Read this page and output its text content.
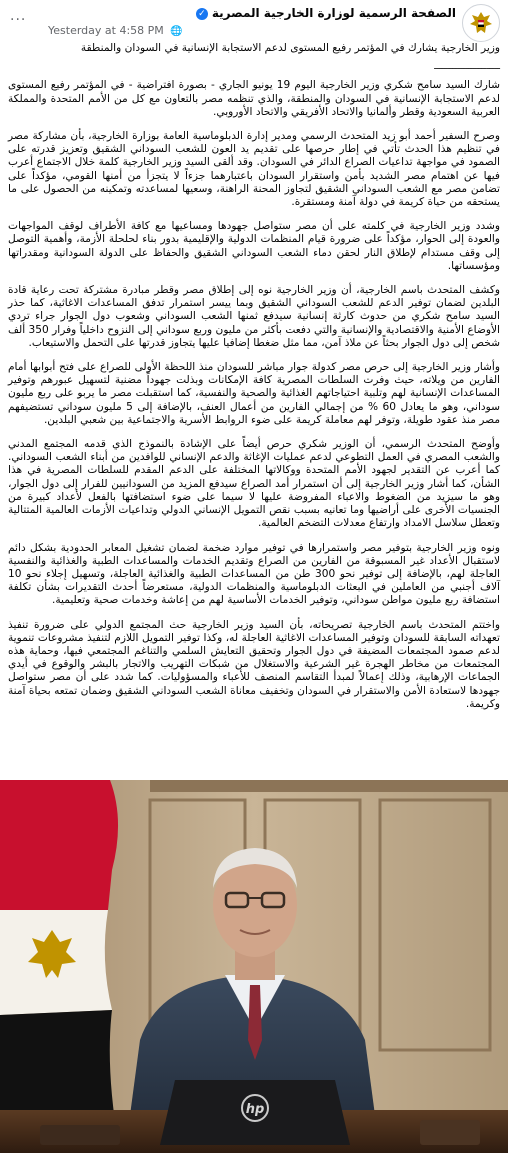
الصفحة الرسمية لوزارة الخارجية المصرية✓
Yesterday at 4:58 PM 🌐
···

وزير الخارجية يشارك في المؤتمر رفيع المستوى لدعم الاستجابة الإنسانية في السودان والمنطقة

ـــــــــــــــــــــــــ

شارك السيد سامح شكري وزير الخارجية اليوم 19 يونيو الجاري - بصورة افتراضية - في المؤتمر رفيع المستوى لدعم الاستجابة الإنسانية في السودان والمنطقة، والذي تنظمه مصر بالتعاون مع كل من الأمم المتحدة والمملكة العربية السعودية وقطر وألمانيا والاتحاد الأفريقي والاتحاد الأوروبي.

وصرح السفير أحمد أبو زيد المتحدث الرسمي ومدير إدارة الدبلوماسية العامة بوزارة الخارجية، بأن مشاركة مصر في تنظيم هذا الحدث تأتي في إطار حرصها على تقديم يد العون للشعب السوداني الشقيق وتعزيز قدرته على الصمود في مواجهة تداعيات الصراع الدائر في السودان. وقد ألقى السيد وزير الخارجية كلمة خلال الاجتماع أعرب فيها عن اهتمام مصر الشديد بأمن واستقرار السودان باعتبارهما جزءاً لا يتجزأ من أمنها القومي، مؤكداً على تضامن مصر مع الشعب السوداني الشقيق لتجاوز المحنة الراهنة، وسعيها لمساعدته وتمكينه من الحصول على ما يستحقه من حياة كريمة في دولة آمنة ومستقرة.

وشدد وزير الخارجية في كلمته على أن مصر ستواصل جهودها ومساعيها مع كافة الأطراف لوقف المواجهات والعودة إلى الحوار، مؤكداً على ضرورة قيام المنظمات الدولية والإقليمية بدور بناء لحلحلة الأزمة، وأهمية التوصل إلى وقف مستدام لإطلاق النار لحقن دماء الشعب السوداني الشقيق والحفاظ على الدولة السودانية ومقدراتها ومؤسساتها.

وكشف المتحدث باسم الخارجية، أن وزير الخارجية نوه إلى إطلاق مصر وقطر مبادرة مشتركة تحت رعاية قادة البلدين لضمان توفير الدعم للشعب السوداني الشقيق وبما ييسر استمرار تدفق المساعدات الاغاثية، كما حذر السيد سامح شكري من حدوث كارثة إنسانية سيدفع ثمنها الشعب السوداني وشعوب دول الجوار جراء تردي الأوضاع الأمنية والاقتصادية والإنسانية والتي دفعت بأكثر من مليون وربع سوداني إلى النزوح داخلياً وفرار 350 ألف شخص إلى دول الجوار بحثاً عن ملاذ آمن، مما مثل ضغطا إضافيا عليها يتجاوز قدرتها على التحمل والاستيعاب.

وأشار وزير الخارجية إلى حرص مصر كدولة جوار مباشر للسودان منذ اللحظة الأولى للصراع على فتح أبوابها أمام الفارين من ويلاته، حيث وفرت السلطات المصرية كافة الإمكانات وبذلت جهوداً مضنية لتسهيل عبورهم وتوفير المساعدات الإنسانية لهم وتلبية احتياجاتهم الغذائية والصحية والنفسية، كما استقبلت مصر ما يربو على ربع مليون سوداني، وهو ما يعادل 60 % من إجمالي الفارين من أعمال العنف، بالإضافة إلى 5 مليون سوداني تستضيفهم مصر منذ عقود طويلة، وتوفر لهم معاملة كريمة على ضوء الروابط الأسرية والاجتماعية بين شعبي البلدين.

وأوضح المتحدث الرسمي، أن الوزير شكري حرص أيضاً على الإشادة بالنموذج الذي قدمه المجتمع المدني والشعب المصري في العمل التطوعي لدعم عمليات الإغاثة والدعم الإنساني للوافدين من أبناء الشعب السوداني. كما أعرب عن التقدير لجهود الأمم المتحدة ووكالاتها المختلفة على الدعم المقدم للسلطات المصرية في هذا الشأن، كما أشار وزير الخارجية إلى أن استمرار أمد الصراع سيدفع المزيد من السودانيين للفرار إلى دول الجوار، وهو ما سيزيد من الضغوط والاعباء المفروضة عليها لا سيما على ضوء استضافتها بالفعل لأعداد كبيرة من الجنسيات الأخرى على أراضيها وما تعانيه بسبب نقص التمويل الإنساني الدولي وتداعيات الأزمات العالمية المتتالية وتعطل سلاسل الامداد وارتفاع معدلات التضخم العالمية.

ونوه وزير الخارجية بتوفير مصر واستمرارها في توفير موارد ضخمة لضمان تشغيل المعابر الحدودية بشكل دائم لاستقبال الأعداد غير المسبوقة من الفارين من الصراع وتقديم الخدمات والمساعدات الطبية والغذائية والنفسية العاجلة لهم، بالإضافة إلى توفير نحو 300 طن من المساعدات الطبية والغذائية العاجلة، وتسهيل إجلاء نحو 10 آلاف أجنبي من العاملين في البعثات الدبلوماسية والمنظمات الدولية، مستعرضاً أحدث التقديرات بشأن تكلفة استضافة ربع مليون مواطن سوداني، وتوفير الخدمات الأساسية لهم من إعاشة وخدمات صحية وتعليمية.

واختتم المتحدث باسم الخارجية تصريحاته، بأن السيد وزير الخارجية حث المجتمع الدولي على ضرورة تنفيذ تعهداته السابقة للسودان وتوفير المساعدات الاغاثية العاجلة له، وكذا توفير التمويل اللازم لتنفيذ مشروعات تنموية لدعم صمود المجتمعات المضيفة في دول الجوار وتحقيق التعايش السلمي والتناغم المجتمعي فيها، وحماية هذه المجتمعات من مخاطر الهجرة غير الشرعية والاستغلال من شبكات التهريب والاتجار بالبشر والوقوع في أيدي الجماعات الإرهابية، وذلك إعمالاً لمبدأ التقاسم المنصف للأعباء والمسؤوليات. كما شدد على أن مصر ستواصل جهودها لاستعادة الأمن والاستقرار في السودان وتخفيف معاناة الشعب السوداني الشقيق وضمان تمتعه بحياة آمنة وكريمة.

hp
